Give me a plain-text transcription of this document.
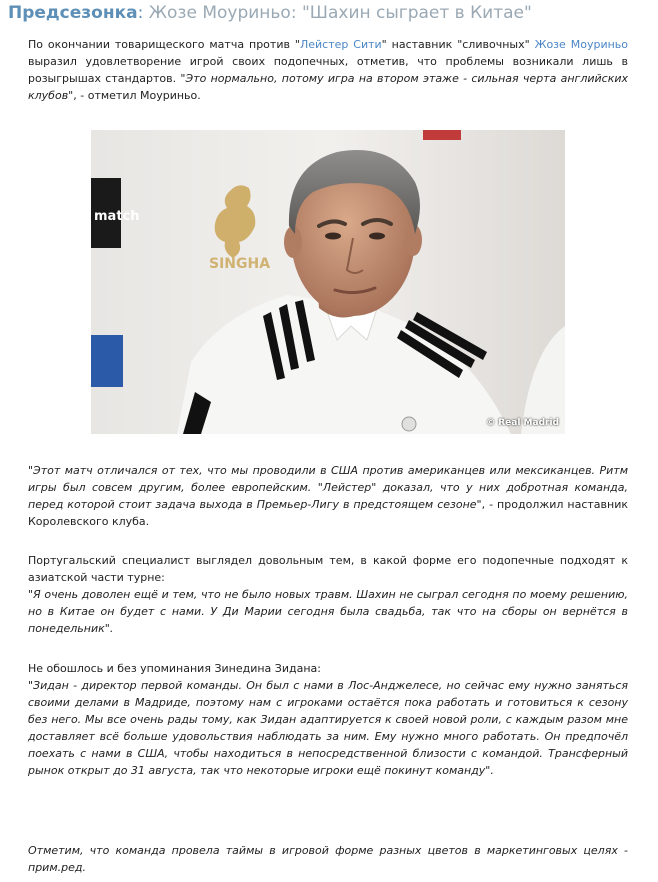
Предсезонка: Жозе Моуриньо: "Шахин сыграет в Китае"

По окончании товарищеского матча против "Лейстер Сити" наставник "сливочных" Жозе Моуриньо выразил удовлетворение игрой своих подопечных, отметив, что проблемы возникали лишь в розыгрышах стандартов. "Это нормально, потому игра на втором этаже - сильная черта английских клубов", - отметил Моуриньо.

match
SINGHA
© Real Madrid

"Этот матч отличался от тех, что мы проводили в США против американцев или мексиканцев. Ритм игры был совсем другим, более европейским. "Лейстер" доказал, что у них добротная команда, перед которой стоит задача выхода в Премьер-Лигу в предстоящем сезоне", - продолжил наставник Королевского клуба.

Португальский специалист выглядел довольным тем, в какой форме его подопечные подходят к азиатской части турне:

"Я очень доволен ещё и тем, что не было новых травм. Шахин не сыграл сегодня по моему решению, но в Китае он будет с нами. У Ди Марии сегодня была свадьба, так что на сборы он вернётся в понедельник".

Не обошлось и без упоминания Зинедина Зидана:

"Зидан - директор первой команды. Он был с нами в Лос-Анджелесе, но сейчас ему нужно заняться своими делами в Мадриде, поэтому нам с игроками остаётся пока работать и готовиться к сезону без него. Мы все очень рады тому, как Зидан адаптируется к своей новой роли, с каждым разом мне доставляет всё больше удовольствия наблюдать за ним. Ему нужно много работать. Он предпочёл поехать с нами в США, чтобы находиться в непосредственной близости с командой. Трансферный рынок открыт до 31 августа, так что некоторые игроки ещё покинут команду".

Отметим, что команда провела таймы в игровой форме разных цветов в маркетинговых целях - прим.ред.
